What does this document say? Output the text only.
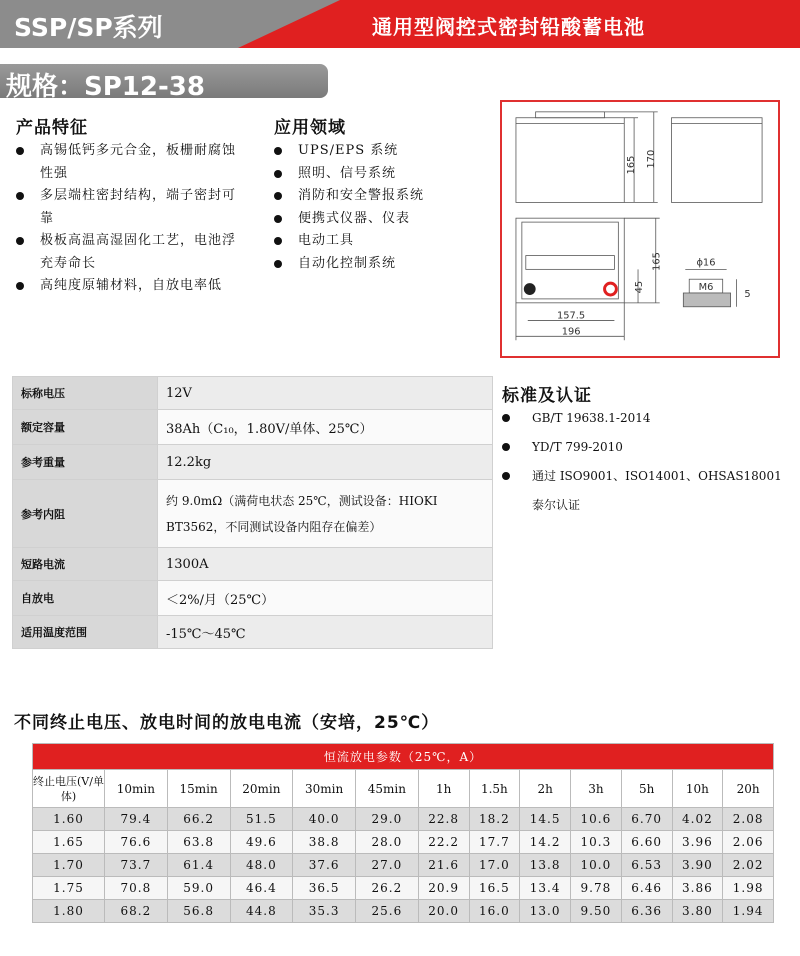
SSP/SP系列	通用型阀控式密封铅酸蓄电池
规格：SP12-38
产品特征
高锡低钙多元合金，板栅耐腐蚀性强
多层端柱密封结构，端子密封可靠
极板高温高湿固化工艺，电池浮充寿命长
高纯度原辅材料，自放电率低
应用领域
UPS/EPS 系统
照明、信号系统
消防和安全警报系统
便携式仪器、仪表
电动工具
自动化控制系统
165 170
165
45
157.5
196
ϕ16
M6
5
标称电压	12V
额定容量	38Ah（C₁₀，1.80V/单体、25℃）
参考重量	12.2kg
参考内阻	约 9.0mΩ（满荷电状态 25℃，测试设备：HIOKI BT3562，不同测试设备内阻存在偏差）
短路电流	1300A
自放电	＜2%/月（25℃）
适用温度范围	-15℃～45℃
标准及认证
GB/T 19638.1-2014
YD/T 799-2010
通过 ISO9001、ISO14001、OHSAS18001 泰尔认证
不同终止电压、放电时间的放电电流（安培，25℃）
恒流放电参数（25℃，A）												
终止电压(V/单体)	10min	15min	20min	30min	45min	1h	1.5h	2h	3h	5h	10h	20h
1.60	79.4	66.2	51.5	40.0	29.0	22.8	18.2	14.5	10.6	6.70	4.02	2.08
1.65	76.6	63.8	49.6	38.8	28.0	22.2	17.7	14.2	10.3	6.60	3.96	2.06
1.70	73.7	61.4	48.0	37.6	27.0	21.6	17.0	13.8	10.0	6.53	3.90	2.02
1.75	70.8	59.0	46.4	36.5	26.2	20.9	16.5	13.4	9.78	6.46	3.86	1.98
1.80	68.2	56.8	44.8	35.3	25.6	20.0	16.0	13.0	9.50	6.36	3.80	1.94
